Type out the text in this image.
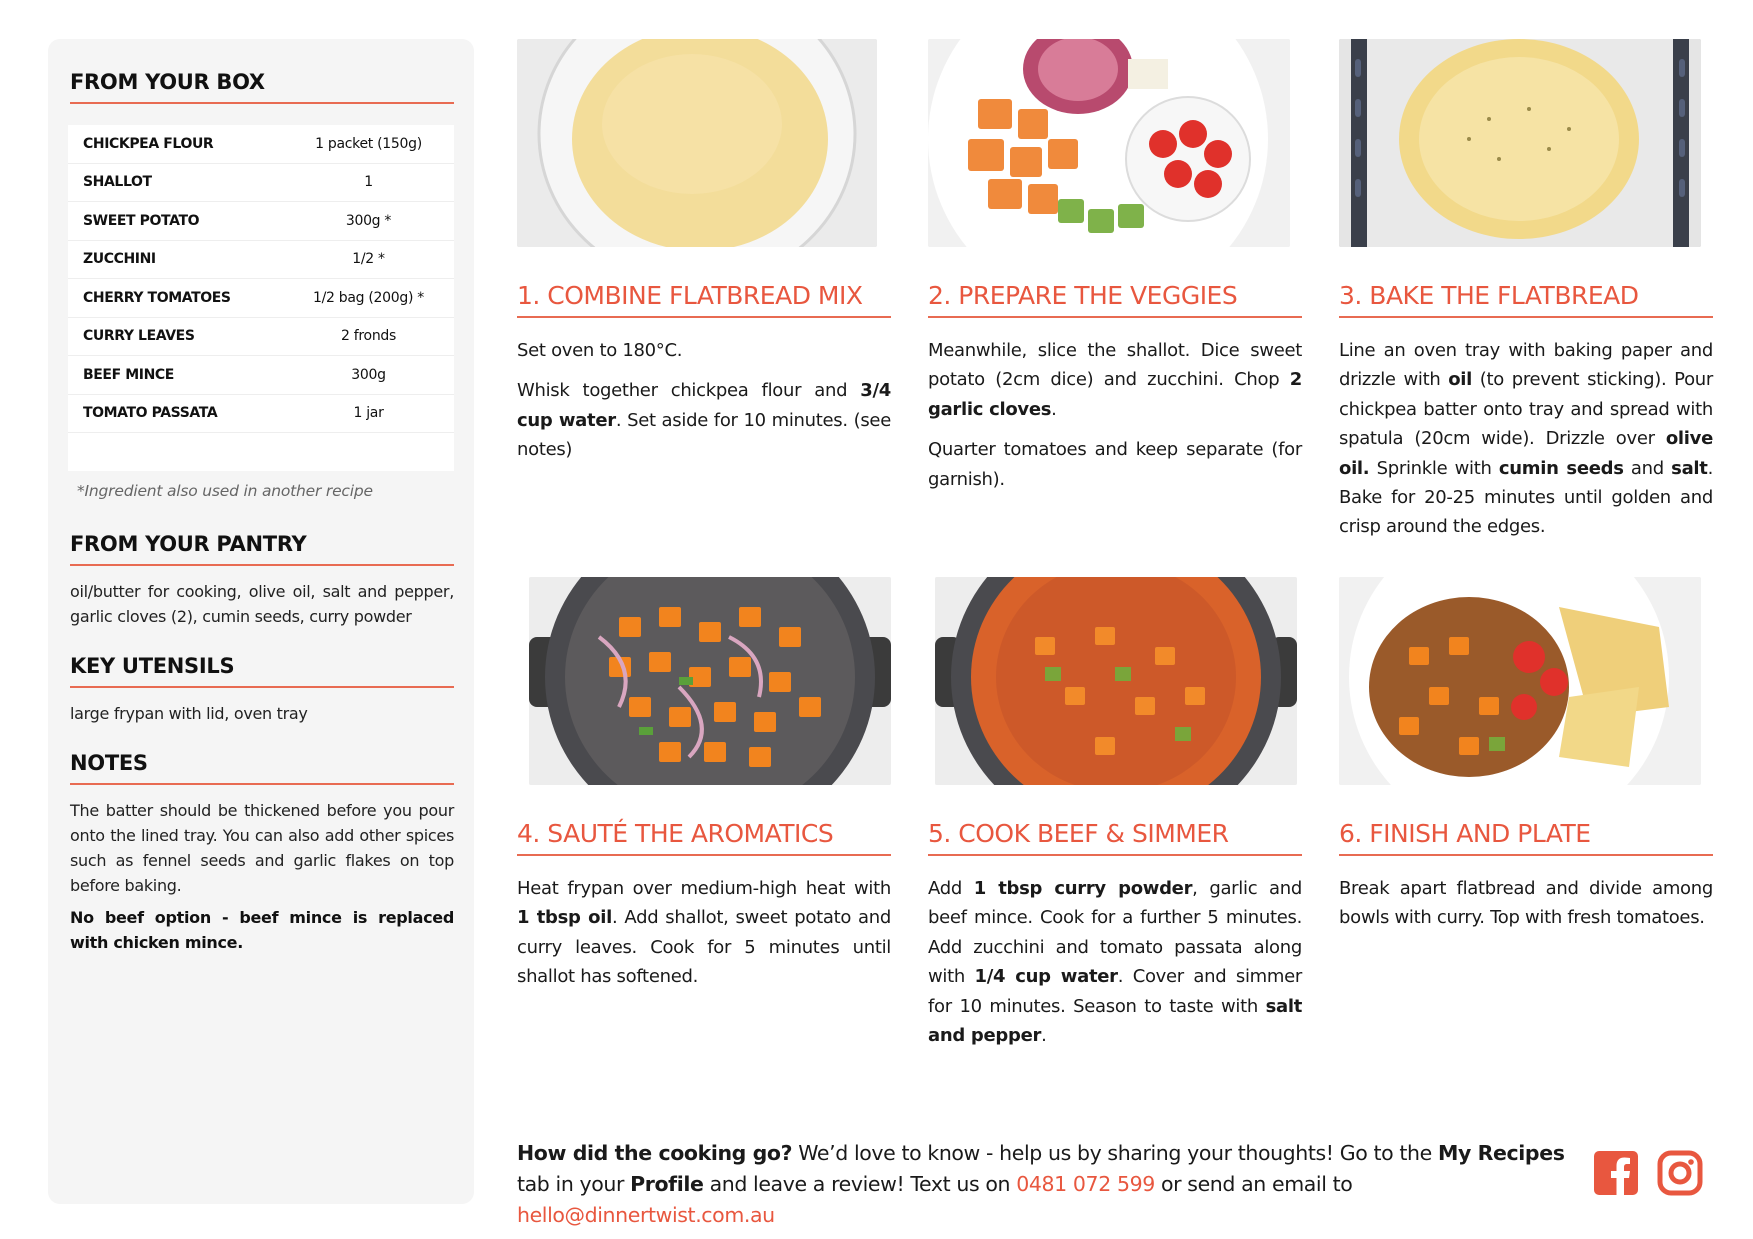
FROM YOUR BOX
CHICKPEA FLOUR	1 packet (150g)
SHALLOT	1
SWEET POTATO	300g *
ZUCCHINI	1/2 *
CHERRY TOMATOES	1/2 bag (200g) *
CURRY LEAVES	2 fronds
BEEF MINCE	300g
TOMATO PASSATA	1 jar
*Ingredient also used in another recipe
FROM YOUR PANTRY
oil/butter for cooking, olive oil, salt and pepper, garlic cloves (2), cumin seeds, curry powder
KEY UTENSILS
large frypan with lid, oven tray
NOTES
The batter should be thickened before you pour onto the lined tray. You can also add other spices such as fennel seeds and garlic flakes on top before baking.
No beef option - beef mince is replaced with chicken mince.
1. COMBINE FLATBREAD MIX	2. PREPARE THE VEGGIES	3. BAKE THE FLATBREAD
4. SAUTÉ THE AROMATICS	5. COOK BEEF & SIMMER	6. FINISH AND PLATE

Set oven to 180°C.

Whisk together chickpea flour and 3/4 cup water. Set aside for 10 minutes. (see notes)

Meanwhile, slice the shallot. Dice sweet potato (2cm dice) and zucchini. Chop 2 garlic cloves.

Quarter tomatoes and keep separate (for garnish).

Line an oven tray with baking paper and drizzle with oil (to prevent sticking). Pour chickpea batter onto tray and spread with spatula (20cm wide). Drizzle over olive oil. Sprinkle with cumin seeds and salt. Bake for 20-25 minutes until golden and crisp around the edges.

Heat frypan over medium-high heat with 1 tbsp oil. Add shallot, sweet potato and curry leaves. Cook for 5 minutes until shallot has softened.

Add 1 tbsp curry powder, garlic and beef mince. Cook for a further 5 minutes. Add zucchini and tomato passata along with 1/4 cup water. Cover and simmer for 10 minutes. Season to taste with salt and pepper.

Break apart flatbread and divide among bowls with curry. Top with fresh tomatoes.

How did the cooking go? We’d love to know - help us by sharing your thoughts! Go to the My Recipes tab in your Profile and leave a review! Text us on 0481 072 599 or send an email to hello@dinnertwist.com.au
